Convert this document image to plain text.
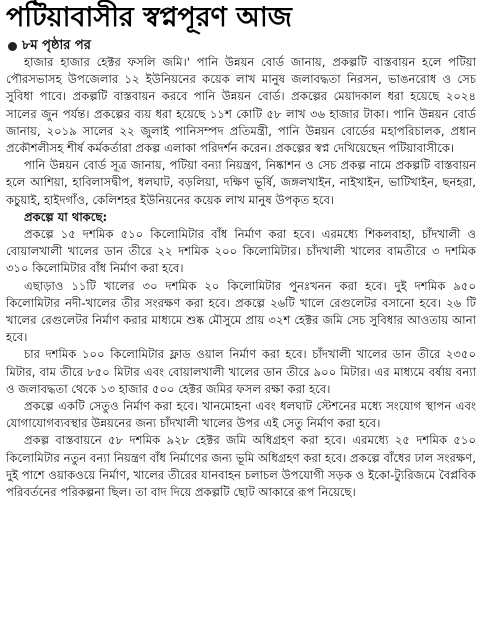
পটিয়াবাসীর স্বপ্নপূরণ আজ
৮ম পৃষ্ঠার পর

হাজার হাজার হেক্টর ফসলি জমি।' পানি উন্নয়ন বোর্ড জানায়, প্রকল্পটি বাস্তবায়ন হলে পটিয়া পৌরসভাসহ উপজেলার ১২ ইউনিয়নের কয়েক লাখ মানুষ জলাবদ্ধতা নিরসন, ভাঙনরোধ ও সেচ সুবিধা পাবে। প্রকল্পটি বাস্তবায়ন করবে পানি উন্নয়ন বোর্ড। প্রকল্পের মেয়াদকাল ধরা হয়েছে ২০২৪ সালের জুন পর্যন্ত। প্রকল্পের ব্যয় ধরা হয়েছে ১১শ কোটি ৫৮ লাখ ৩৬ হাজার টাকা। পানি উন্নয়ন বোর্ড জানায়, ২০১৯ সালের ২২ জুলাই পানিসম্পদ প্রতিমন্ত্রী, পানি উন্নয়ন বোর্ডের মহাপরিচালক, প্রধান প্রকৌশলীসহ শীর্ষ কর্মকর্তারা প্রকল্প এলাকা পরিদর্শন করেন। প্রকল্পের স্বপ্ন দেখিয়েছেন পটিয়াবাসীকে।

পানি উন্নয়ন বোর্ড সূত্র জানায়, পটিয়া বন্যা নিয়ন্ত্রণ, নিষ্কাশন ও সেচ প্রকল্প নামে প্রকল্পটি বাস্তবায়ন হলে আশিয়া, হাবিলাসদ্বীপ, ধলঘাট, বড়লিয়া, দক্ষিণ ভূর্ষি, জঙ্গলখাইন, নাইখাইন, ভাটিখাইন, ছনহরা, কচুয়াই, হাইদগাঁও, কেলিশহর ইউনিয়নের কয়েক লাখ মানুষ উপকৃত হবে।

প্রকল্পে যা থাকছে:

প্রকল্পে ১৫ দশমিক ৫১০ কিলোমিটার বাঁধ নির্মাণ করা হবে। এরমধ্যে শিকলবাহা, চাঁদখালী ও বোয়ালখালী খালের ডান তীরে ২২ দশমিক ২০০ কিলোমিটার। চাঁদখালী খালের বামতীরে ৩ দশমিক ৩১০ কিলোমিটার বাঁধ নির্মাণ করা হবে।

এছাড়াও ১১টি খালের ৩০ দশমিক ২০ কিলোমিটার পুনঃখনন করা হবে। দুই দশমিক ৯৫০ কিলোমিটার নদী-খালের তীর সংরক্ষণ করা হবে। প্রকল্পে ২৬টি খালে রেগুলেটর বসানো হবে। ২৬ টি খালের রেগুলেটর নির্মাণ করার মাধ্যমে শুষ্ক মৌসুমে প্রায় ৩২শ হেক্টর জমি সেচ সুবিধার আওতায় আনা হবে।

চার দশমিক ১০০ কিলোমিটার ফ্লাড ওয়াল নির্মাণ করা হবে। চাঁদখালী খালের ডান তীরে ২৩৫০ মিটার, বাম তীরে ৮৫০ মিটার এবং বোয়ালখালী খালের ডান তীরে ৯০০ মিটার। এর মাধ্যমে বর্ষায় বন্যা ও জলাবদ্ধতা থেকে ১৩ হাজার ৫০০ হেক্টর জমির ফসল রক্ষা করা হবে।

প্রকল্পে একটি সেতুও নির্মাণ করা হবে। খানমোহনা এবং ধলঘাট স্টেশনের মধ্যে সংযোগ স্থাপন এবং যোগাযোগব্যবস্থার উন্নয়নের জন্য চাঁদখালী খালের উপর এই সেতু নির্মাণ করা হবে।

প্রকল্প বাস্তবায়নে ৫৮ দশমিক ৯২৮ হেক্টর জমি অধিগ্রহণ করা হবে। এরমধ্যে ২৫ দশমিক ৫১০ কিলোমিটার নতুন বন্যা নিয়ন্ত্রণ বাঁধ নির্মাণের জন্য ভূমি অধিগ্রহণ করা হবে। প্রকল্পে বাঁধের ঢাল সংরক্ষণ, দুই পাশে ওয়াকওয়ে নির্মাণ, খালের তীরের যানবাহন চলাচল উপযোগী সড়ক ও ইকো-ট্যুরিজমে বৈপ্লবিক পরিবর্তনের পরিকল্পনা ছিল। তা বাদ দিয়ে প্রকল্পটি ছোট আকারে রূপ নিয়েছে।
